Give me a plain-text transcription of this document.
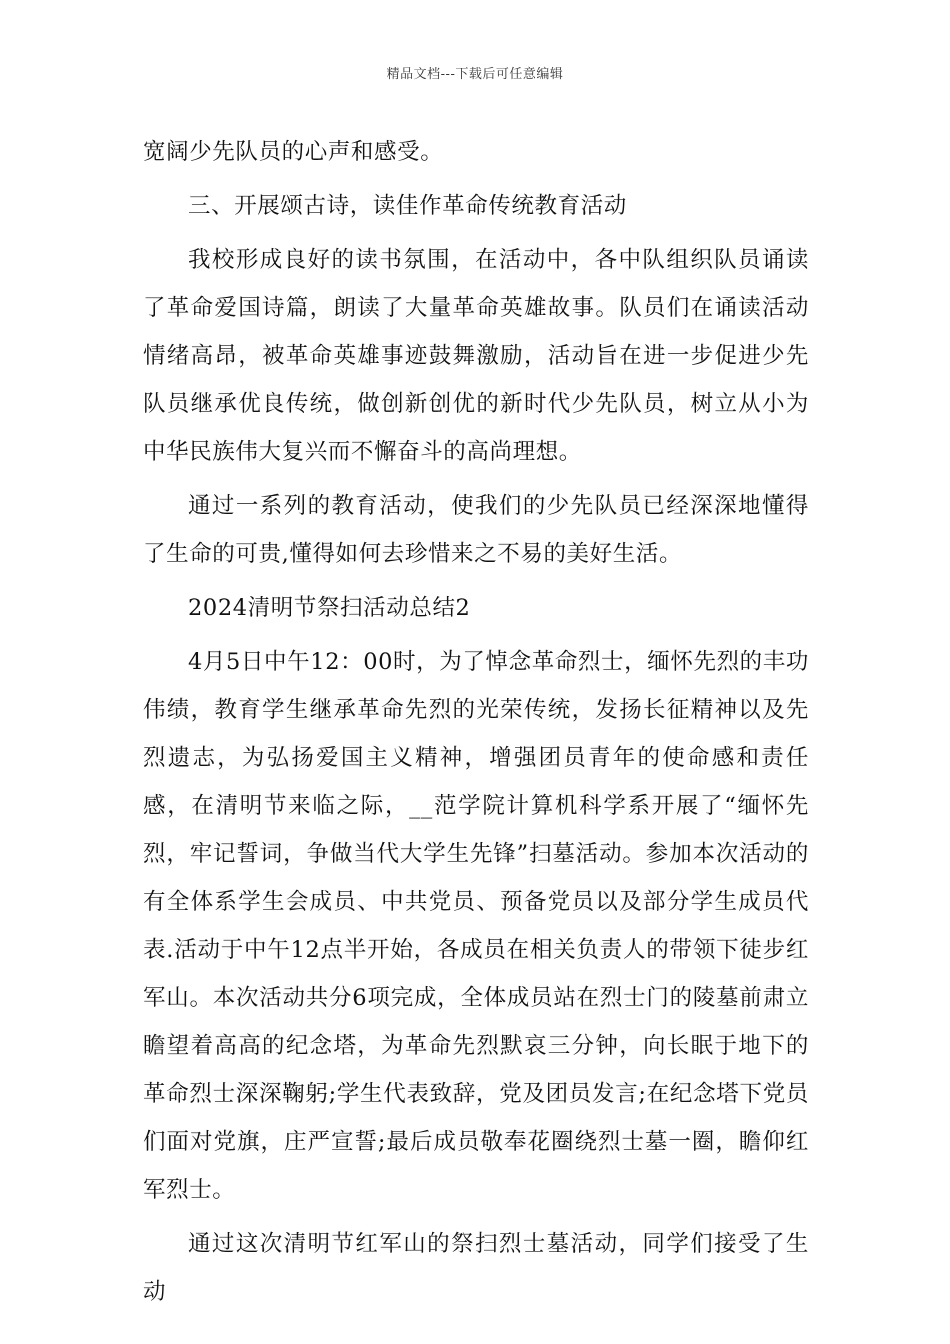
精品文档---下载后可任意编辑

宽阔少先队员的心声和感受。

三、开展颂古诗，读佳作革命传统教育活动

我校形成良好的读书氛围，在活动中，各中队组织队员诵读了革命爱国诗篇，朗读了大量革命英雄故事。队员们在诵读活动情绪高昂，被革命英雄事迹鼓舞激励，活动旨在进一步促进少先队员继承优良传统，做创新创优的新时代少先队员，树立从小为中华民族伟大复兴而不懈奋斗的高尚理想。

通过一系列的教育活动，使我们的少先队员已经深深地懂得了生命的可贵,懂得如何去珍惜来之不易的美好生活。

2024清明节祭扫活动总结2

4月5日中午12：00时，为了悼念革命烈士，缅怀先烈的丰功伟绩，教育学生继承革命先烈的光荣传统，发扬长征精神以及先烈遗志，为弘扬爱国主义精神，增强团员青年的使命感和责任感，在清明节来临之际，__范学院计算机科学系开展了“缅怀先烈，牢记誓词，争做当代大学生先锋”扫墓活动。参加本次活动的有全体系学生会成员、中共党员、预备党员以及部分学生成员代表.活动于中午12点半开始，各成员在相关负责人的带领下徒步红军山。本次活动共分6项完成，全体成员站在烈士门的陵墓前肃立瞻望着高高的纪念塔，为革命先烈默哀三分钟，向长眠于地下的革命烈士深深鞠躬;学生代表致辞，党及团员发言;在纪念塔下党员们面对党旗，庄严宣誓;最后成员敬奉花圈绕烈士墓一圈，瞻仰红军烈士。

通过这次清明节红军山的祭扫烈士墓活动，同学们接受了生动
